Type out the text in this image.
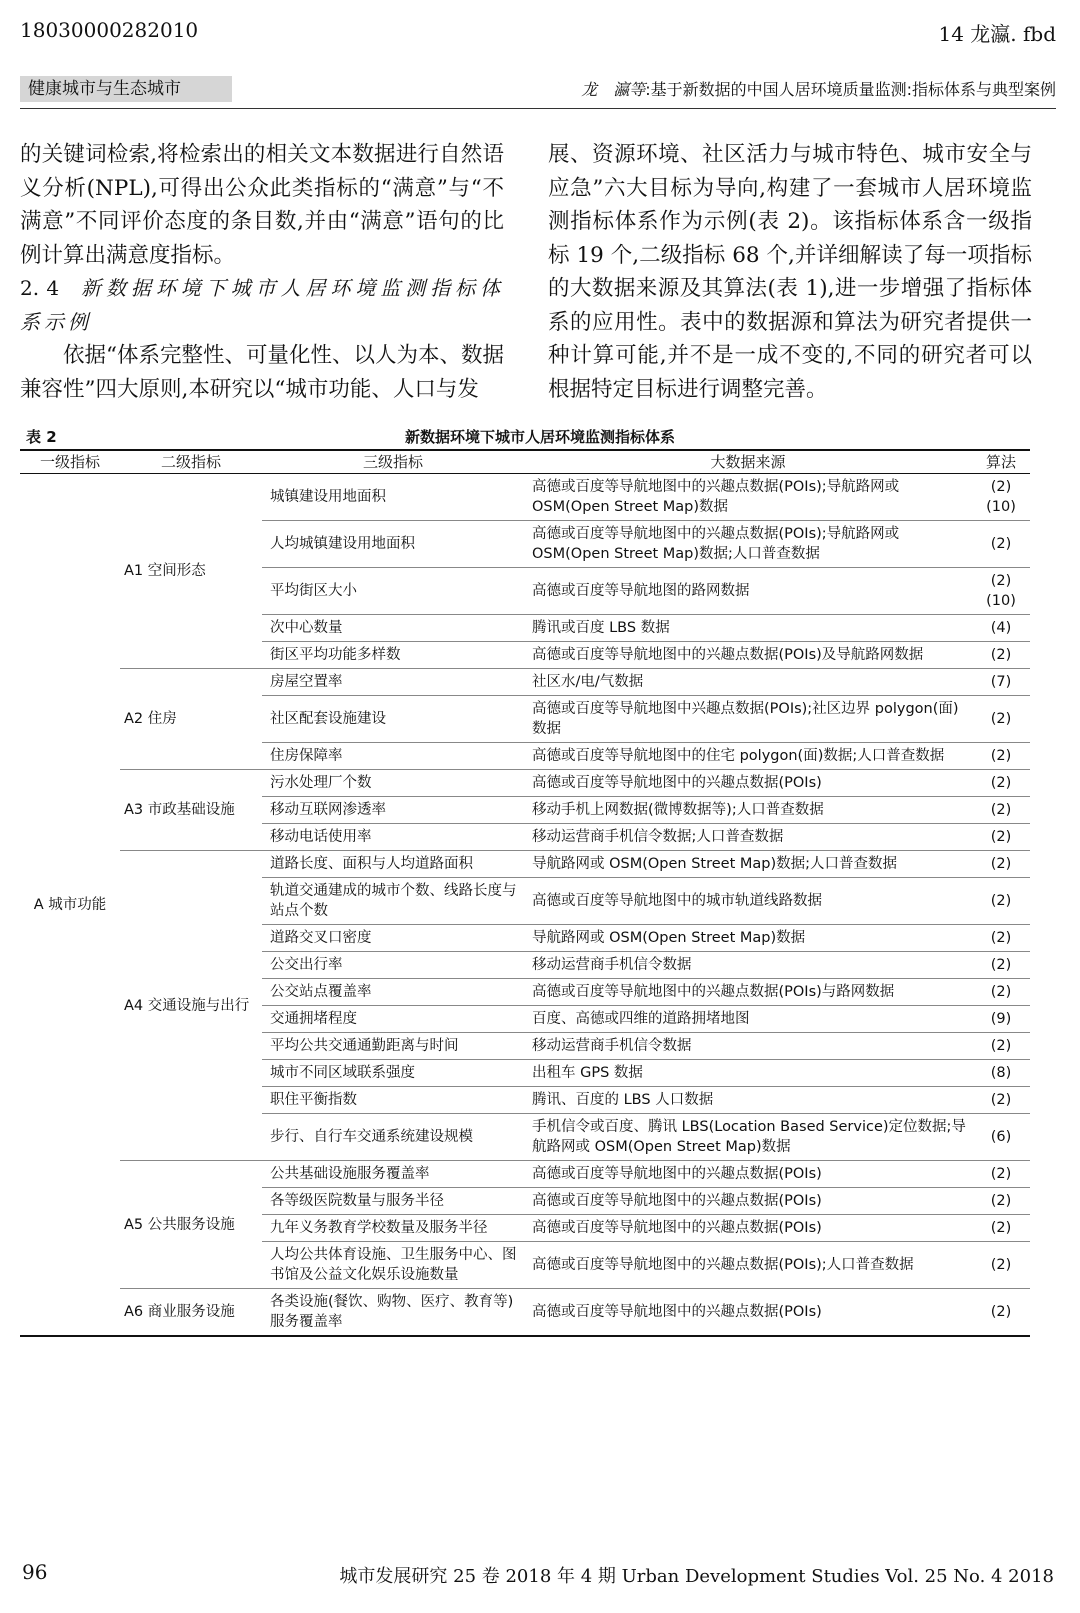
18030000282010	14 龙瀛. fbd
健康城市与生态城市	龙　瀛等:基于新数据的中国人居环境质量监测:指标体系与典型案例

的关键词检索,将检索出的相关文本数据进行自然语义分析(NPL),可得出公众此类指标的“满意”与“不满意”不同评价态度的条目数,并由“满意”语句的比例计算出满意度指标。

2. 4　 新数据环境下城市人居环境监测指标体系示例

依据“体系完整性、可量化性、以人为本、数据兼容性”四大原则,本研究以“城市功能、人口与发

展、资源环境、社区活力与城市特色、城市安全与应急”六大目标为导向,构建了一套城市人居环境监测指标体系作为示例(表 2)。该指标体系含一级指标 19 个,二级指标 68 个,并详细解读了每一项指标的大数据来源及其算法(表 1),进一步增强了指标体系的应用性。表中的数据源和算法为研究者提供一种计算可能,并不是一成不变的,不同的研究者可以根据特定目标进行调整完善。

表 2	新数据环境下城市人居环境监测指标体系
一级指标	二级指标	三级指标	大数据来源	算法
A 城市功能	A1 空间形态	城镇建设用地面积	高德或百度等导航地图中的兴趣点数据(POIs);导航路网或 OSM(Open Street Map)数据	(2)(10)
		人均城镇建设用地面积	高德或百度等导航地图中的兴趣点数据(POIs);导航路网或 OSM(Open Street Map)数据;人口普查数据	(2)
		平均街区大小	高德或百度等导航地图的路网数据	(2)(10)
		次中心数量	腾讯或百度 LBS 数据	(4)
		街区平均功能多样数	高德或百度等导航地图中的兴趣点数据(POIs)及导航路网数据	(2)
	A2 住房	房屋空置率	社区水/电/气数据	(7)
		社区配套设施建设	高德或百度等导航地图中兴趣点数据(POIs);社区边界 polygon(面)数据	(2)
		住房保障率	高德或百度等导航地图中的住宅 polygon(面)数据;人口普查数据	(2)
	A3 市政基础设施	污水处理厂个数	高德或百度等导航地图中的兴趣点数据(POIs)	(2)
		移动互联网渗透率	移动手机上网数据(微博数据等);人口普查数据	(2)
		移动电话使用率	移动运营商手机信令数据;人口普查数据	(2)
	A4 交通设施与出行	道路长度、面积与人均道路面积	导航路网或 OSM(Open Street Map)数据;人口普查数据	(2)
		轨道交通建成的城市个数、线路长度与站点个数	高德或百度等导航地图中的城市轨道线路数据	(2)
		道路交叉口密度	导航路网或 OSM(Open Street Map)数据	(2)
		公交出行率	移动运营商手机信令数据	(2)
		公交站点覆盖率	高德或百度等导航地图中的兴趣点数据(POIs)与路网数据	(2)
		交通拥堵程度	百度、高德或四维的道路拥堵地图	(9)
		平均公共交通通勤距离与时间	移动运营商手机信令数据	(2)
		城市不同区域联系强度	出租车 GPS 数据	(8)
		职住平衡指数	腾讯、百度的 LBS 人口数据	(2)
		步行、自行车交通系统建设规模	手机信令或百度、腾讯 LBS(Location Based Service)定位数据;导航路网或 OSM(Open Street Map)数据	(6)
	A5 公共服务设施	公共基础设施服务覆盖率	高德或百度等导航地图中的兴趣点数据(POIs)	(2)
		各等级医院数量与服务半径	高德或百度等导航地图中的兴趣点数据(POIs)	(2)
		九年义务教育学校数量及服务半径	高德或百度等导航地图中的兴趣点数据(POIs)	(2)
		人均公共体育设施、卫生服务中心、图书馆及公益文化娱乐设施数量	高德或百度等导航地图中的兴趣点数据(POIs);人口普查数据	(2)
	A6 商业服务设施	各类设施(餐饮、购物、医疗、教育等)服务覆盖率	高德或百度等导航地图中的兴趣点数据(POIs)	(2)
96	城市发展研究 25 卷 2018 年 4 期 Urban Development Studies Vol. 25 No. 4 2018
